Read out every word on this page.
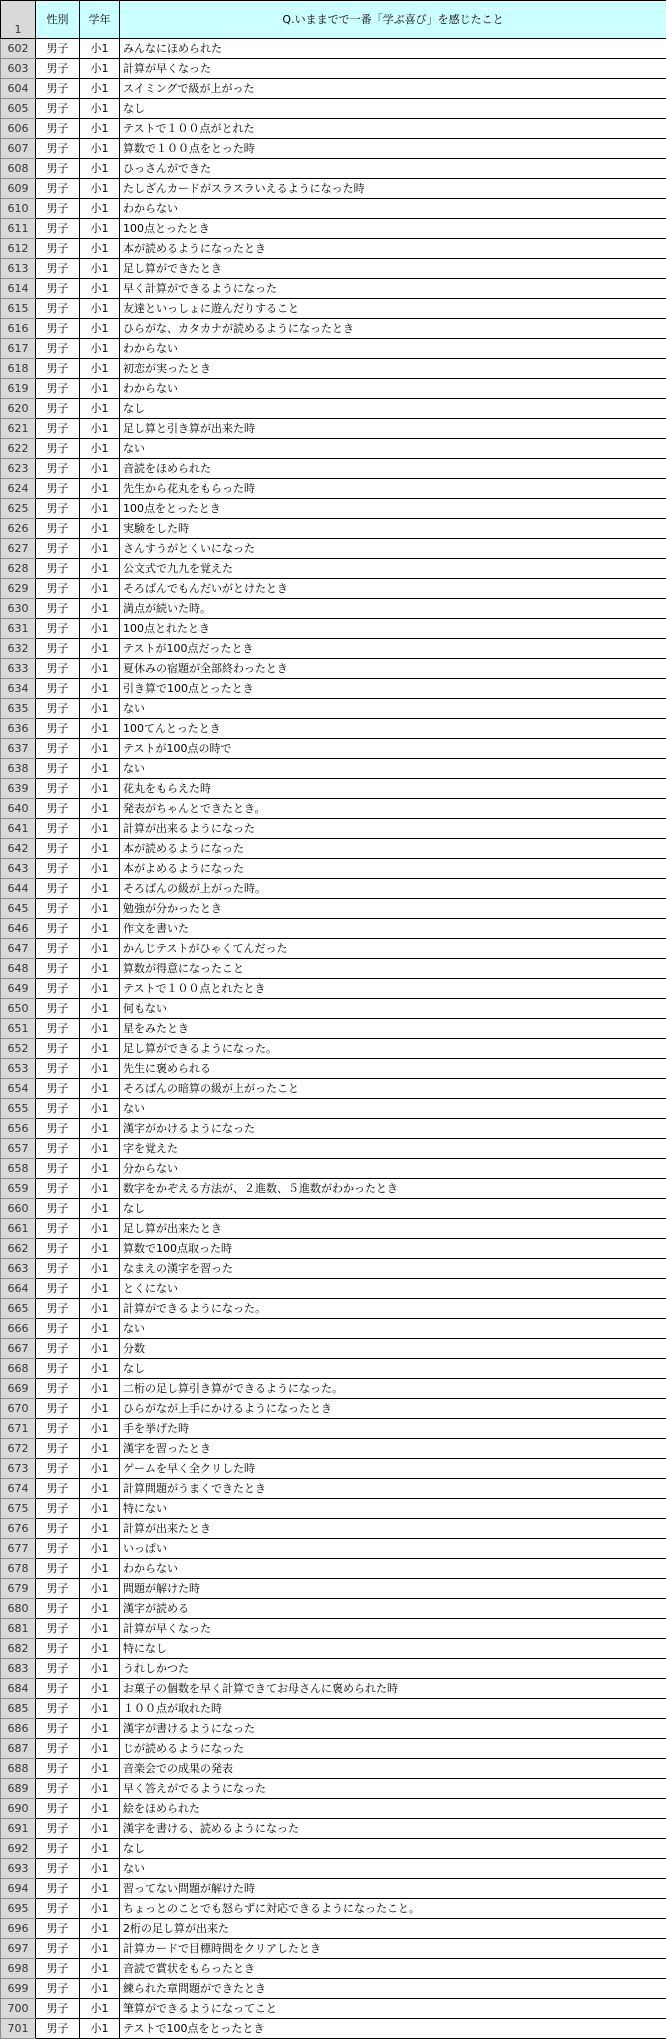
1	性別	学年	Q.いままでで一番「学ぶ喜び」を感じたこと
602	男子	小1	みんなにほめられた
603	男子	小1	計算が早くなった
604	男子	小1	スイミングで級が上がった
605	男子	小1	なし
606	男子	小1	テストで１００点がとれた
607	男子	小1	算数で１００点をとった時
608	男子	小1	ひっさんができた
609	男子	小1	たしざんカードがスラスラいえるようになった時
610	男子	小1	わからない
611	男子	小1	100点とったとき
612	男子	小1	本が読めるようになったとき
613	男子	小1	足し算ができたとき
614	男子	小1	早く計算ができるようになった
615	男子	小1	友達といっしょに遊んだりすること
616	男子	小1	ひらがな、カタカナが読めるようになったとき
617	男子	小1	わからない
618	男子	小1	初恋が実ったとき
619	男子	小1	わからない
620	男子	小1	なし
621	男子	小1	足し算と引き算が出来た時
622	男子	小1	ない
623	男子	小1	音読をほめられた
624	男子	小1	先生から花丸をもらった時
625	男子	小1	100点をとったとき
626	男子	小1	実験をした時
627	男子	小1	さんすうがとくいになった
628	男子	小1	公文式で九九を覚えた
629	男子	小1	そろばんでもんだいがとけたとき
630	男子	小1	満点が続いた時。
631	男子	小1	100点とれたとき
632	男子	小1	テストが100点だったとき
633	男子	小1	夏休みの宿題が全部終わったとき
634	男子	小1	引き算で100点とったとき
635	男子	小1	ない
636	男子	小1	100てんとったとき
637	男子	小1	テストが100点の時で
638	男子	小1	ない
639	男子	小1	花丸をもらえた時
640	男子	小1	発表がちゃんとできたとき。
641	男子	小1	計算が出来るようになった
642	男子	小1	本が読めるようになった
643	男子	小1	本がよめるようになった
644	男子	小1	そろばんの級が上がった時。
645	男子	小1	勉強が分かったとき
646	男子	小1	作文を書いた
647	男子	小1	かんじテストがひゃくてんだった
648	男子	小1	算数が得意になったこと
649	男子	小1	テストで１００点とれたとき
650	男子	小1	何もない
651	男子	小1	星をみたとき
652	男子	小1	足し算ができるようになった。
653	男子	小1	先生に褒められる
654	男子	小1	そろばんの暗算の級が上がったこと
655	男子	小1	ない
656	男子	小1	漢字がかけるようになった
657	男子	小1	字を覚えた
658	男子	小1	分からない
659	男子	小1	数字をかぞえる方法が、２進数、５進数がわかったとき
660	男子	小1	なし
661	男子	小1	足し算が出来たとき
662	男子	小1	算数で100点取った時
663	男子	小1	なまえの漢字を習った
664	男子	小1	とくにない
665	男子	小1	計算ができるようになった。
666	男子	小1	ない
667	男子	小1	分数
668	男子	小1	なし
669	男子	小1	二桁の足し算引き算ができるようになった。
670	男子	小1	ひらがなが上手にかけるようになったとき
671	男子	小1	手を挙げた時
672	男子	小1	漢字を習ったとき
673	男子	小1	ゲームを早く全クリした時
674	男子	小1	計算問題がうまくできたとき
675	男子	小1	特にない
676	男子	小1	計算が出来たとき
677	男子	小1	いっぱい
678	男子	小1	わからない
679	男子	小1	問題が解けた時
680	男子	小1	漢字が読める
681	男子	小1	計算が早くなった
682	男子	小1	特になし
683	男子	小1	うれしかつた
684	男子	小1	お菓子の個数を早く計算できてお母さんに褒められた時
685	男子	小1	１００点が取れた時
686	男子	小1	漢字が書けるようになった
687	男子	小1	じが読めるようになった
688	男子	小1	音楽会での成果の発表
689	男子	小1	早く答えがでるようになった
690	男子	小1	絵をほめられた
691	男子	小1	漢字を書ける、読めるようになった
692	男子	小1	なし
693	男子	小1	ない
694	男子	小1	習ってない問題が解けた時
695	男子	小1	ちょっとのことでも怒らずに対応できるようになったこと。
696	男子	小1	2桁の足し算が出来た
697	男子	小1	計算カードで目標時間をクリアしたとき
698	男子	小1	音読で賞状をもらったとき
699	男子	小1	練られた章問題ができたとき
700	男子	小1	筆算ができるようになってこと
701	男子	小1	テストで100点をとったとき
